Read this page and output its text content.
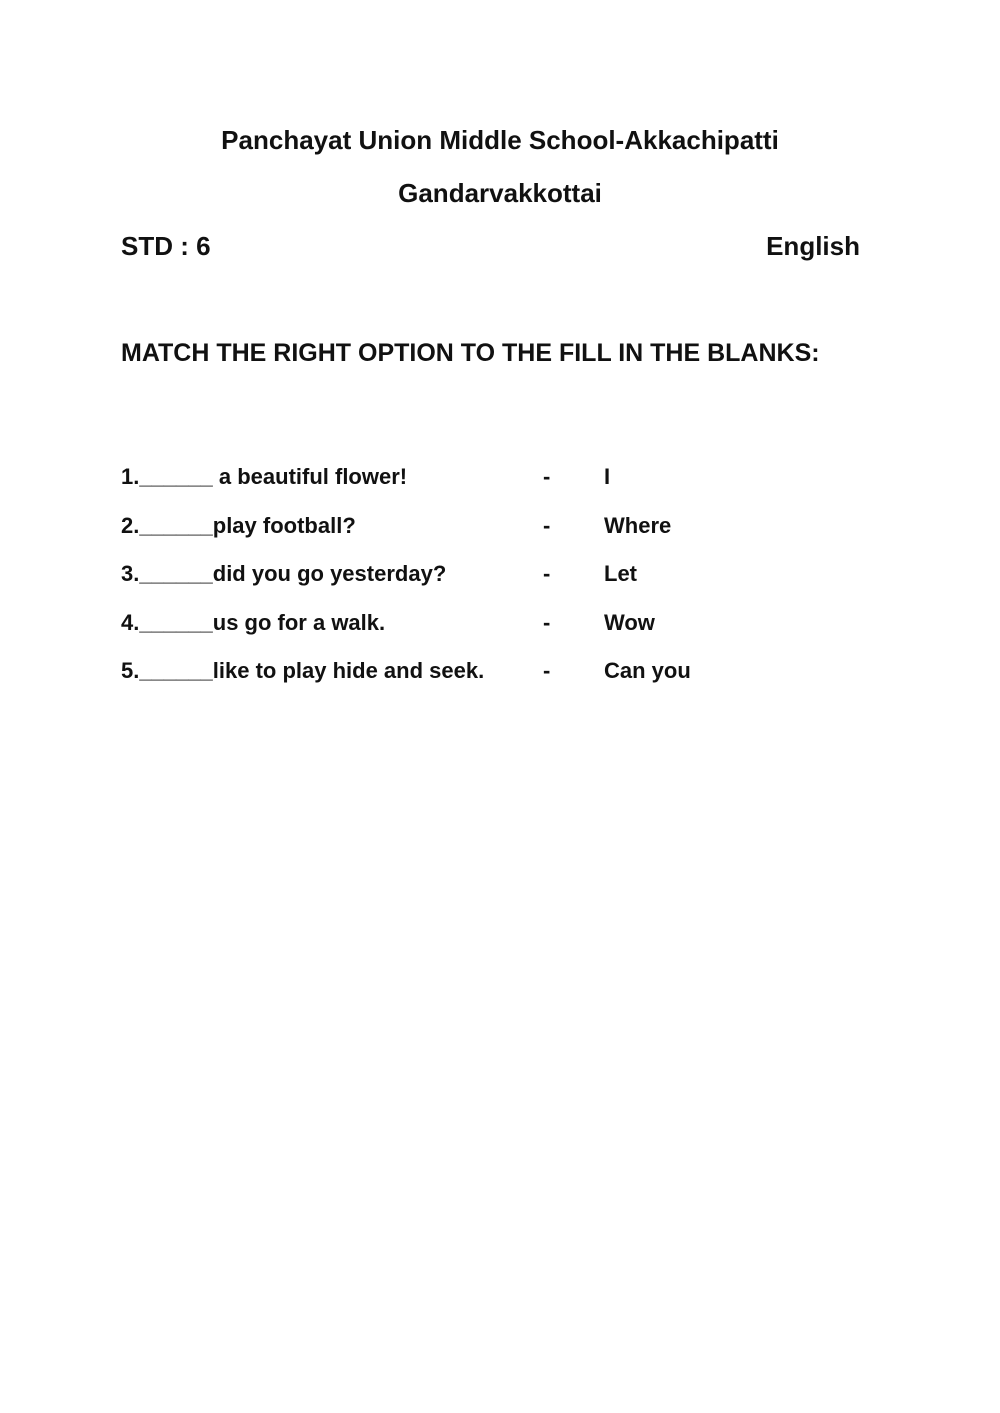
Panchayat Union Middle School-Akkachipatti
Gandarvakkottai
STD : 6	English
MATCH THE RIGHT OPTION TO THE FILL IN THE BLANKS:
1.______ a beautiful flower!	- I
2.______play football?	- Where
3.______did you go yesterday?	- Let
4.______us go for a walk.	- Wow
5.______like to play hide and seek.	- Can you
